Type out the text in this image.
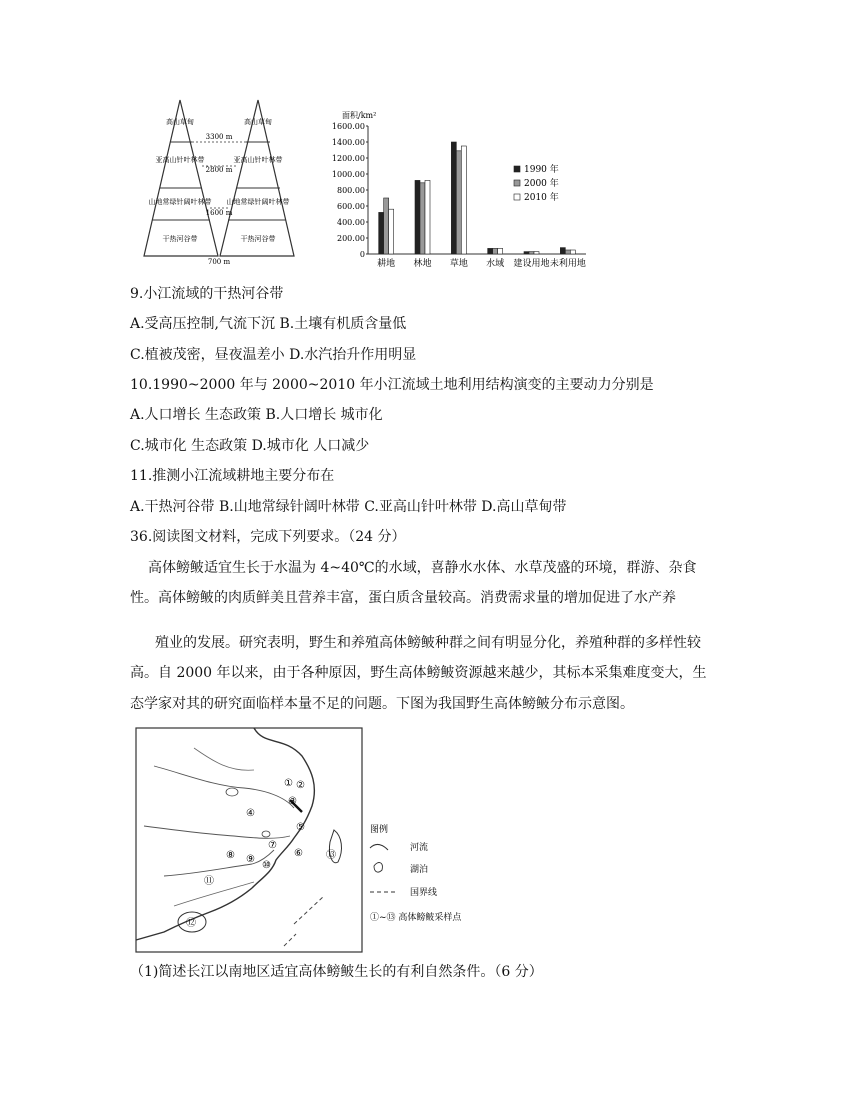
高山草甸
亚高山针叶林带
山地常绿针阔叶林带
干热河谷带
高山草甸
亚高山针叶林带
山地常绿针阔叶林带
干热河谷带
3300 m
2800 m
1600 m
700 m
面积/km²
1600.00
1400.00
1200.00
1000.00
800.00
600.00
400.00
200.00
0
耕地 林地 草地 水域 建设用地 未利用地
1990 年
2000 年
2010 年
9.小江流域的干热河谷带
A.受高压控制,气流下沉 B.土壤有机质含量低
C.植被茂密，昼夜温差小 D.水汽抬升作用明显
10.1990~2000 年与 2000~2010 年小江流域土地利用结构演变的主要动力分别是
A.人口增长 生态政策 B.人口增长 城市化
C.城市化 生态政策 D.城市化 人口减少
11.推测小江流域耕地主要分布在
A.干热河谷带 B.山地常绿针阔叶林带 C.亚高山针叶林带 D.高山草甸带
36.阅读图文材料，完成下列要求。（24 分）
高体鳑鲏适宜生长于水温为 4~40℃的水域，喜静水水体、水草茂盛的环境，群游、杂食
性。高体鳑鲏的肉质鲜美且营养丰富，蛋白质含量较高。消费需求量的增加促进了水产养
殖业的发展。研究表明，野生和养殖高体鳑鲏种群之间有明显分化，养殖种群的多样性较
高。自 2000 年以来，由于各种原因，野生高体鳑鲏资源越来越少，其标本采集难度变大，生
态学家对其的研究面临样本量不足的问题。下图为我国野生高体鳑鲏分布示意图。
① ②
③
④
⑤
⑥
⑦
⑧ ⑨
⑩
⑪
⑫
⑬
图例
河流
湖泊
国界线
①~⑬ 高体鳑鲏采样点
（1)简述长江以南地区适宜高体鳑鲏生长的有利自然条件。（6 分）
